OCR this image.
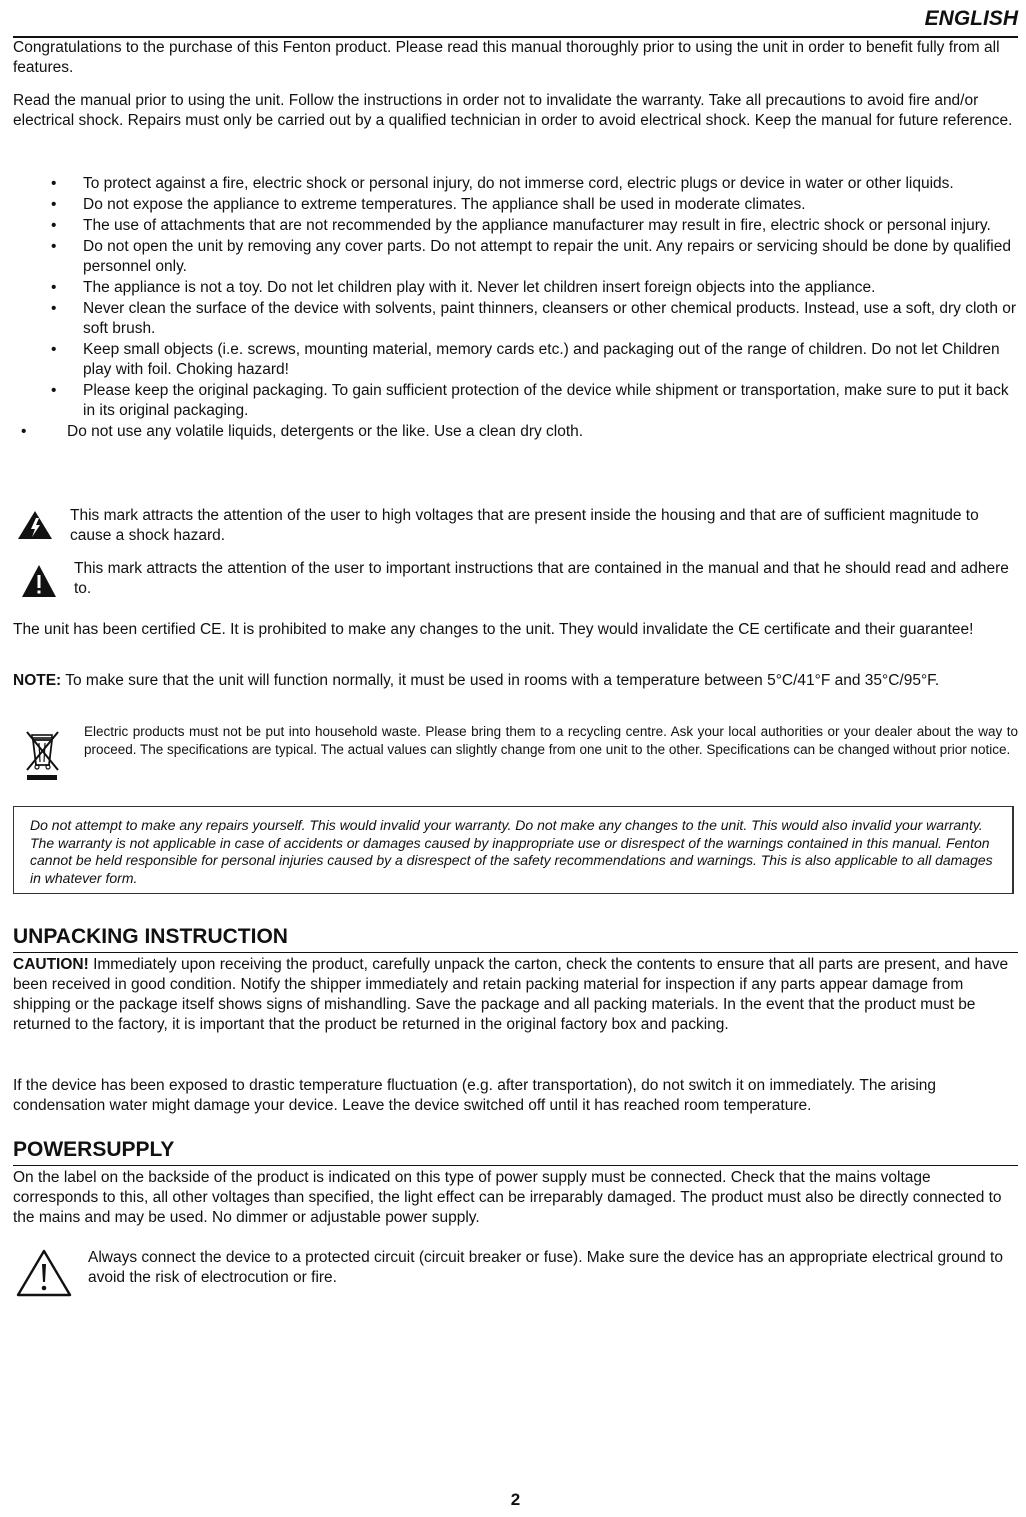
ENGLISH

Congratulations to the purchase of this Fenton product. Please read this manual thoroughly prior to using the unit in order to benefit fully from all features.

Read the manual prior to using the unit. Follow the instructions in order not to invalidate the warranty. Take all precautions to avoid fire and/or electrical shock. Repairs must only be carried out by a qualified technician in order to avoid electrical shock. Keep the manual for future reference.

• To protect against a fire, electric shock or personal injury, do not immerse cord, electric plugs or device in water or other liquids.
• Do not expose the appliance to extreme temperatures. The appliance shall be used in moderate climates.
• The use of attachments that are not recommended by the appliance manufacturer may result in fire, electric shock or personal injury.
• Do not open the unit by removing any cover parts. Do not attempt to repair the unit. Any repairs or servicing should be done by qualified personnel only.
• The appliance is not a toy. Do not let children play with it. Never let children insert foreign objects into the appliance.
• Never clean the surface of the device with solvents, paint thinners, cleansers or other chemical products. Instead, use a soft, dry cloth or soft brush.
• Keep small objects (i.e. screws, mounting material, memory cards etc.) and packaging out of the range of children. Do not let Children play with foil. Choking hazard!
• Please keep the original packaging. To gain sufficient protection of the device while shipment or transportation, make sure to put it back in its original packaging.
•	Do not use any volatile liquids, detergents or the like. Use a clean dry cloth.

This mark attracts the attention of the user to high voltages that are present inside the housing and that are of sufficient magnitude to cause a shock hazard.

This mark attracts the attention of the user to important instructions that are contained in the manual and that he should read and adhere to.

The unit has been certified CE. It is prohibited to make any changes to the unit. They would invalidate the CE certificate and their guarantee!

NOTE: To make sure that the unit will function normally, it must be used in rooms with a temperature between 5°C/41°F and 35°C/95°F.

Electric products must not be put into household waste. Please bring them to a recycling centre. Ask your local authorities or your dealer about the way to proceed. The specifications are typical. The actual values can slightly change from one unit to the other. Specifications can be changed without prior notice.

Do not attempt to make any repairs yourself. This would invalid your warranty. Do not make any changes to the unit. This would also invalid your warranty. The warranty is not applicable in case of accidents or damages caused by inappropriate use or disrespect of the warnings contained in this manual. Fenton cannot be held responsible for personal injuries caused by a disrespect of the safety recommendations and warnings. This is also applicable to all damages in whatever form.

UNPACKING INSTRUCTION

CAUTION! Immediately upon receiving the product, carefully unpack the carton, check the contents to ensure that all parts are present, and have been received in good condition. Notify the shipper immediately and retain packing material for inspection if any parts appear damage from shipping or the package itself shows signs of mishandling. Save the package and all packing materials. In the event that the product must be returned to the factory, it is important that the product be returned in the original factory box and packing.

If the device has been exposed to drastic temperature fluctuation (e.g. after transportation), do not switch it on immediately. The arising condensation water might damage your device. Leave the device switched off until it has reached room temperature.

POWERSUPPLY

On the label on the backside of the product is indicated on this type of power supply must be connected. Check that the mains voltage corresponds to this, all other voltages than specified, the light effect can be irreparably damaged. The product must also be directly connected to the mains and may be used. No dimmer or adjustable power supply.

Always connect the device to a protected circuit (circuit breaker or fuse). Make sure the device has an appropriate electrical ground to avoid the risk of electrocution or fire.

2
